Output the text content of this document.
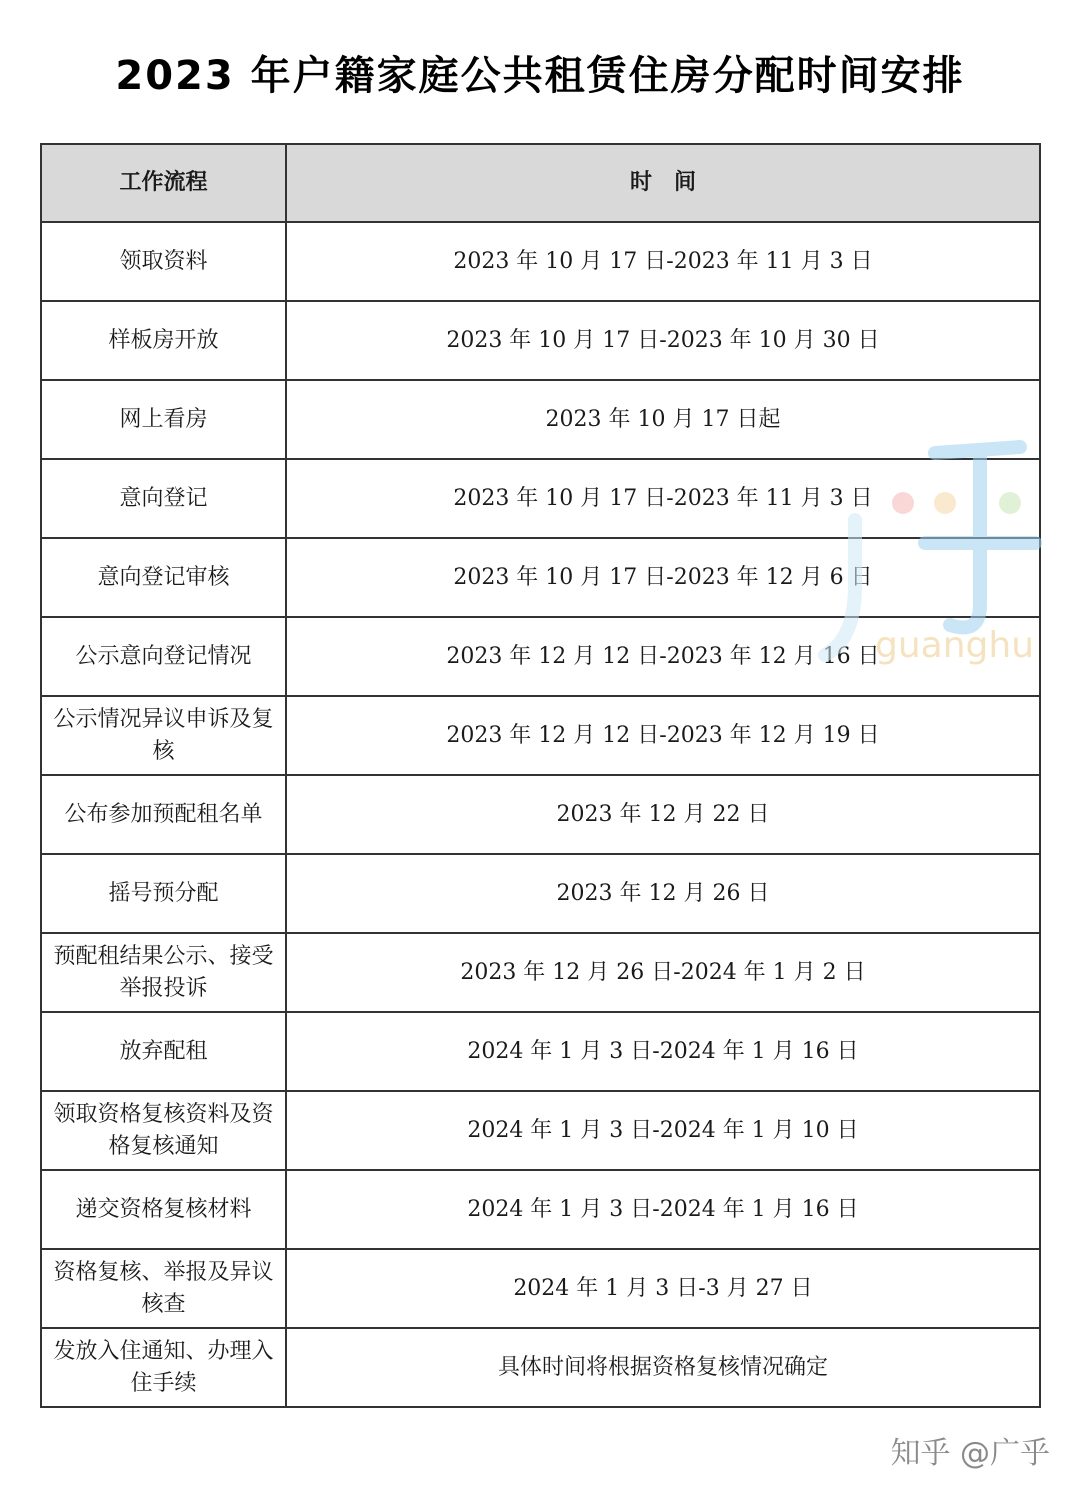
2023 年户籍家庭公共租赁住房分配时间安排
工作流程	时　间
领取资料	2023 年 10 月 17 日-2023 年 11 月 3 日
样板房开放	2023 年 10 月 17 日-2023 年 10 月 30 日
网上看房	2023 年 10 月 17 日起
意向登记	2023 年 10 月 17 日-2023 年 11 月 3 日
意向登记审核	2023 年 10 月 17 日-2023 年 12 月 6 日
公示意向登记情况	2023 年 12 月 12 日-2023 年 12 月 16 日
公示情况异议申诉及复核	2023 年 12 月 12 日-2023 年 12 月 19 日
公布参加预配租名单	2023 年 12 月 22 日
摇号预分配	2023 年 12 月 26 日
预配租结果公示、接受举报投诉	2023 年 12 月 26 日-2024 年 1 月 2 日
放弃配租	2024 年 1 月 3 日-2024 年 1 月 16 日
领取资格复核资料及资格复核通知	2024 年 1 月 3 日-2024 年 1 月 10 日
递交资格复核材料	2024 年 1 月 3 日-2024 年 1 月 16 日
资格复核、举报及异议核查	2024 年 1 月 3 日-3 月 27 日
发放入住通知、办理入住手续	具体时间将根据资格复核情况确定
guanghu
知乎 @广乎
